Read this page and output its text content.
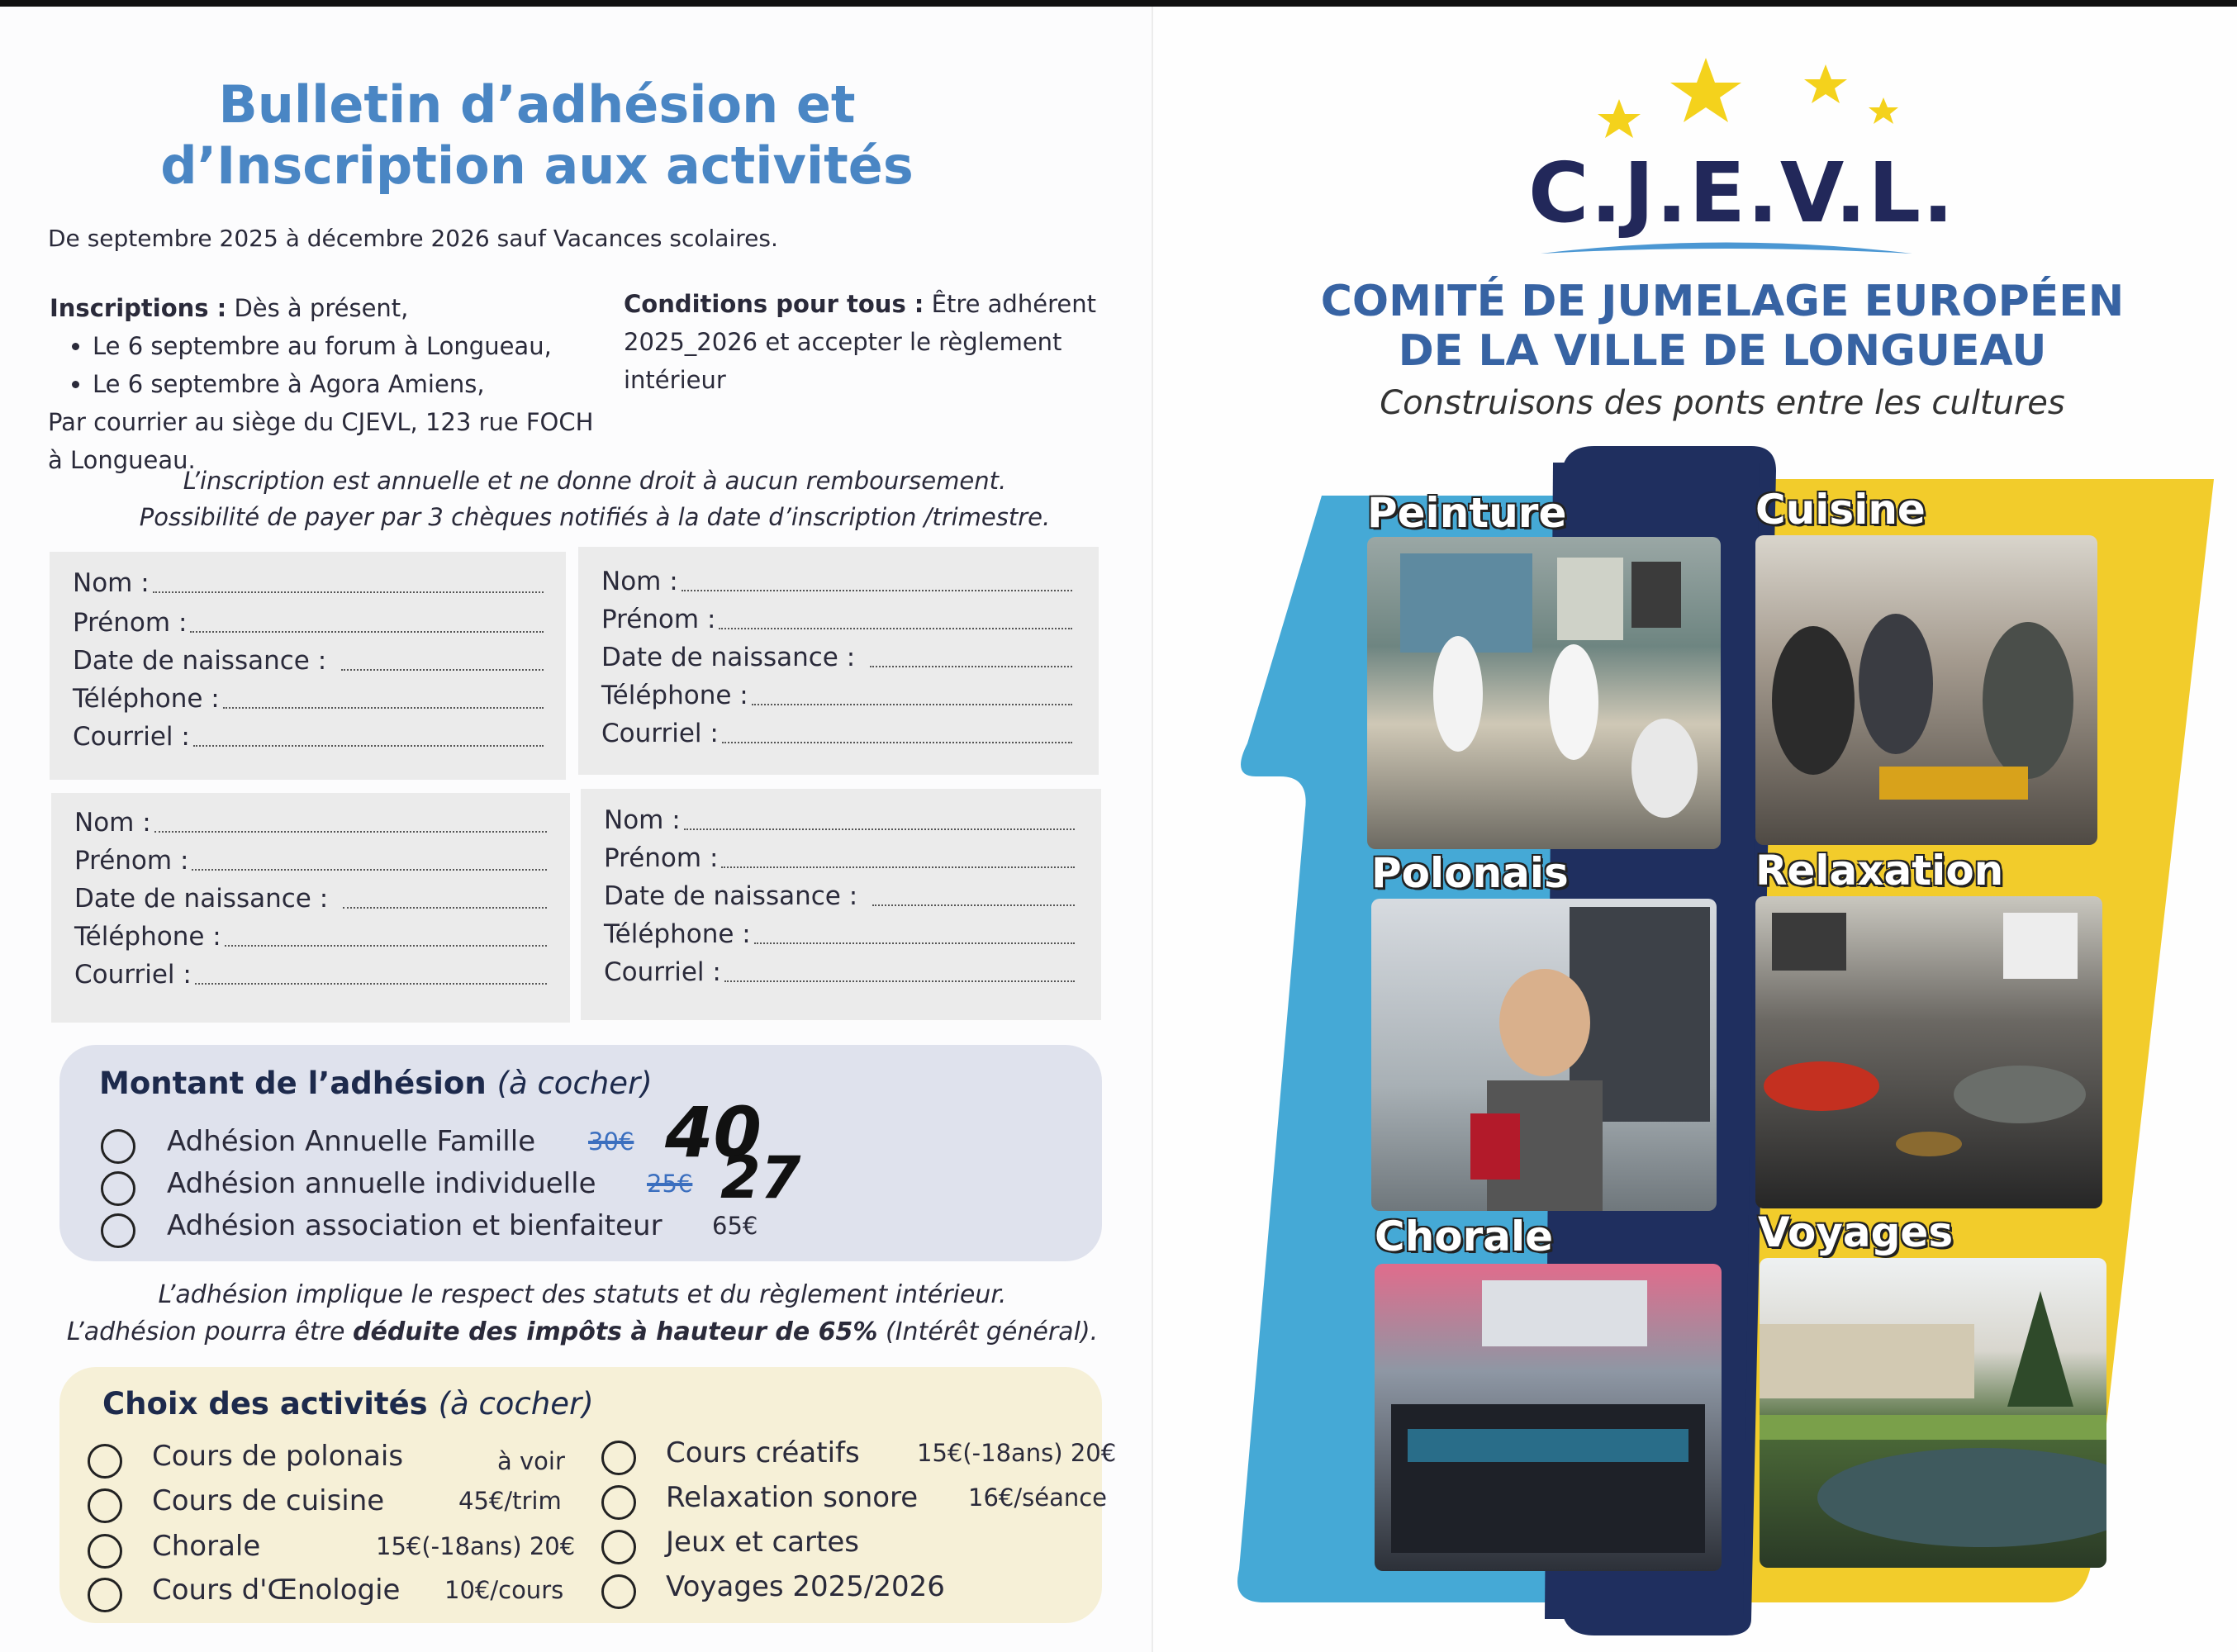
Bulletin d’adhésion et
d’Inscription aux activités
De septembre 2025 à décembre 2026 sauf Vacances scolaires.
Inscriptions : Dès à présent,
• Le 6 septembre au forum à Longueau,
• Le 6 septembre à Agora Amiens,
Par courrier au siège du CJEVL, 123 rue FOCH à Longueau.
Conditions pour tous : Être adhérent 2025_2026 et accepter le règlement intérieur
L’inscription est annuelle et ne donne droit à aucun remboursement.
Possibilité de payer par 3 chèques notifiés à la date d’inscription /trimestre.
Nom :
Prénom :
Date de naissance :
Téléphone :
Courriel :
Nom :
Prénom :
Date de naissance :
Téléphone :
Courriel :
Nom :
Prénom :
Date de naissance :
Téléphone :
Courriel :
Nom :
Prénom :
Date de naissance :
Téléphone :
Courriel :
Montant de l’adhésion (à cocher)
Adhésion Annuelle Famille 30€ 40
Adhésion annuelle individuelle 25€ 27
Adhésion association et bienfaiteur 65€
L’adhésion implique le respect des statuts et du règlement intérieur.
L’adhésion pourra être déduite des impôts à hauteur de 65% (Intérêt général).
Choix des activités (à cocher)
Cours de polonais	à voir
Cours de cuisine	45€/trim
Chorale	15€(-18ans) 20€
Cours d'Œnologie 10€/cours
Cours créatifs 15€(-18ans) 20€
Relaxation sonore 16€/séance
Jeux et cartes
Voyages 2025/2026
C.J.E.V.L.
COMITÉ DE JUMELAGE EUROPÉEN
DE LA VILLE DE LONGUEAU
Construisons des ponts entre les cultures
Peinture	Cuisine
Polonais	Relaxation
Chorale	Voyages
